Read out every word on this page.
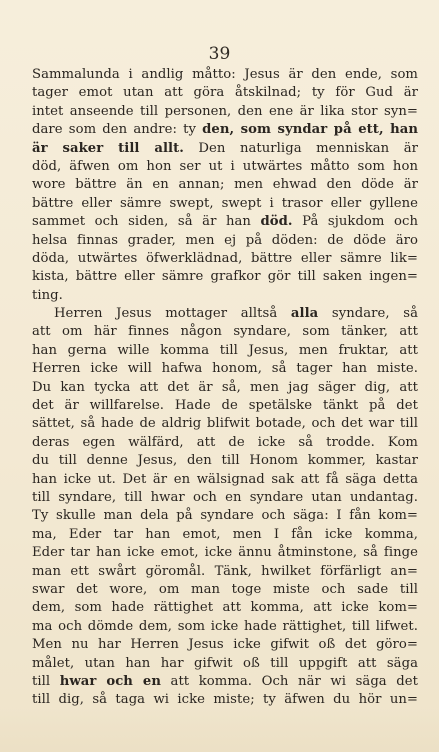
39
Sammalunda i andlig måtto: Jesus är den ende, som
tager emot utan att göra åtskilnad; ty för Gud är
intet anseende till personen, den ene är lika stor syn=
dare som den andre: ty den, som syndar på ett, han
är saker till allt. Den naturliga menniskan är
död, äfwen om hon ser ut i utwärtes måtto som hon
wore bättre än en annan; men ehwad den döde är
bättre eller sämre swept, swept i trasor eller gyllene
sammet och siden, så är han död. På sjukdom och
helsa finnas grader, men ej på döden: de döde äro
döda, utwärtes öfwerklädnad, bättre eller sämre lik=
kista, bättre eller sämre grafkor gör till saken ingen=
ting.
Herren Jesus mottager alltså alla syndare, så
att om här finnes någon syndare, som tänker, att
han gerna wille komma till Jesus, men fruktar, att
Herren icke will hafwa honom, så tager han miste.
Du kan tycka att det är så, men jag säger dig, att
det är willfarelse. Hade de spetälske tänkt på det
sättet, så hade de aldrig blifwit botade, och det war till
deras egen wälfärd, att de icke så trodde. Kom
du till denne Jesus, den till Honom kommer, kastar
han icke ut. Det är en wälsignad sak att få säga detta
till syndare, till hwar och en syndare utan undantag.
Ty skulle man dela på syndare och säga: I fån kom=
ma, Eder tar han emot, men I fån icke komma,
Eder tar han icke emot, icke ännu åtminstone, så finge
man ett swårt göromål. Tänk, hwilket förfärligt an=
swar det wore, om man toge miste och sade till
dem, som hade rättighet att komma, att icke kom=
ma och dömde dem, som icke hade rättighet, till lifwet.
Men nu har Herren Jesus icke gifwit oß det göro=
målet, utan han har gifwit oß till uppgift att säga
till hwar och en att komma. Och när wi säga det
till dig, så taga wi icke miste; ty äfwen du hör un=
